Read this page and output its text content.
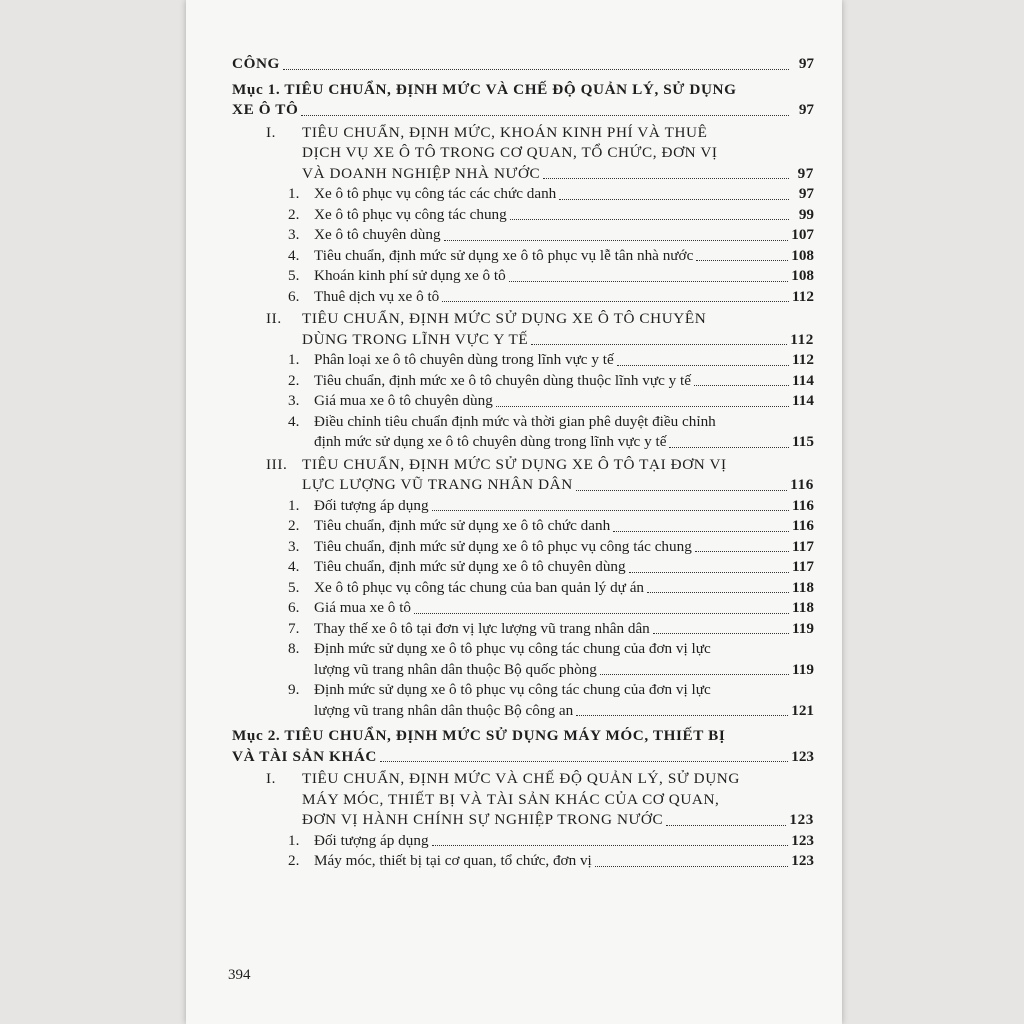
CÔNG	97
Mục 1. TIÊU CHUẨN, ĐỊNH MỨC VÀ CHẾ ĐỘ QUẢN LÝ, SỬ DỤNG
XE Ô TÔ	97
I.	TIÊU CHUẨN, ĐỊNH MỨC, KHOÁN KINH PHÍ VÀ THUÊ
DỊCH VỤ XE Ô TÔ TRONG CƠ QUAN, TỔ CHỨC, ĐƠN VỊ
VÀ DOANH NGHIỆP NHÀ NƯỚC	97
1. Xe ô tô phục vụ công tác các chức danh	97
2. Xe ô tô phục vụ công tác chung	99
3. Xe ô tô chuyên dùng	107
4. Tiêu chuẩn, định mức sử dụng xe ô tô phục vụ lễ tân nhà nước	108
5. Khoán kinh phí sử dụng xe ô tô	108
6. Thuê dịch vụ xe ô tô	112
II.	TIÊU CHUẨN, ĐỊNH MỨC SỬ DỤNG XE Ô TÔ CHUYÊN
DÙNG TRONG LĨNH VỰC Y TẾ	112
1. Phân loại xe ô tô chuyên dùng trong lĩnh vực y tế	112
2. Tiêu chuẩn, định mức xe ô tô chuyên dùng thuộc lĩnh vực y tế	114
3. Giá mua xe ô tô chuyên dùng	114
4. Điều chỉnh tiêu chuẩn định mức và thời gian phê duyệt điều chỉnh
định mức sử dụng xe ô tô chuyên dùng trong lĩnh vực y tế	115
III. TIÊU CHUẨN, ĐỊNH MỨC SỬ DỤNG XE Ô TÔ TẠI ĐƠN VỊ
LỰC LƯỢNG VŨ TRANG NHÂN DÂN	116
1. Đối tượng áp dụng	116
2. Tiêu chuẩn, định mức sử dụng xe ô tô chức danh	116
3. Tiêu chuẩn, định mức sử dụng xe ô tô phục vụ công tác chung	117
4. Tiêu chuẩn, định mức sử dụng xe ô tô chuyên dùng	117
5. Xe ô tô phục vụ công tác chung của ban quản lý dự án	118
6. Giá mua xe ô tô	118
7. Thay thế xe ô tô tại đơn vị lực lượng vũ trang nhân dân	119
8. Định mức sử dụng xe ô tô phục vụ công tác chung của đơn vị lực
lượng vũ trang nhân dân thuộc Bộ quốc phòng	119
9. Định mức sử dụng xe ô tô phục vụ công tác chung của đơn vị lực
lượng vũ trang nhân dân thuộc Bộ công an	121
Mục 2. TIÊU CHUẨN, ĐỊNH MỨC SỬ DỤNG MÁY MÓC, THIẾT BỊ
VÀ TÀI SẢN KHÁC	123
I.	TIÊU CHUẨN, ĐỊNH MỨC VÀ CHẾ ĐỘ QUẢN LÝ, SỬ DỤNG
MÁY MÓC, THIẾT BỊ VÀ TÀI SẢN KHÁC CỦA CƠ QUAN,
ĐƠN VỊ HÀNH CHÍNH SỰ NGHIỆP TRONG NƯỚC	123
1. Đối tượng áp dụng	123
2. Máy móc, thiết bị tại cơ quan, tổ chức, đơn vị	123
394
